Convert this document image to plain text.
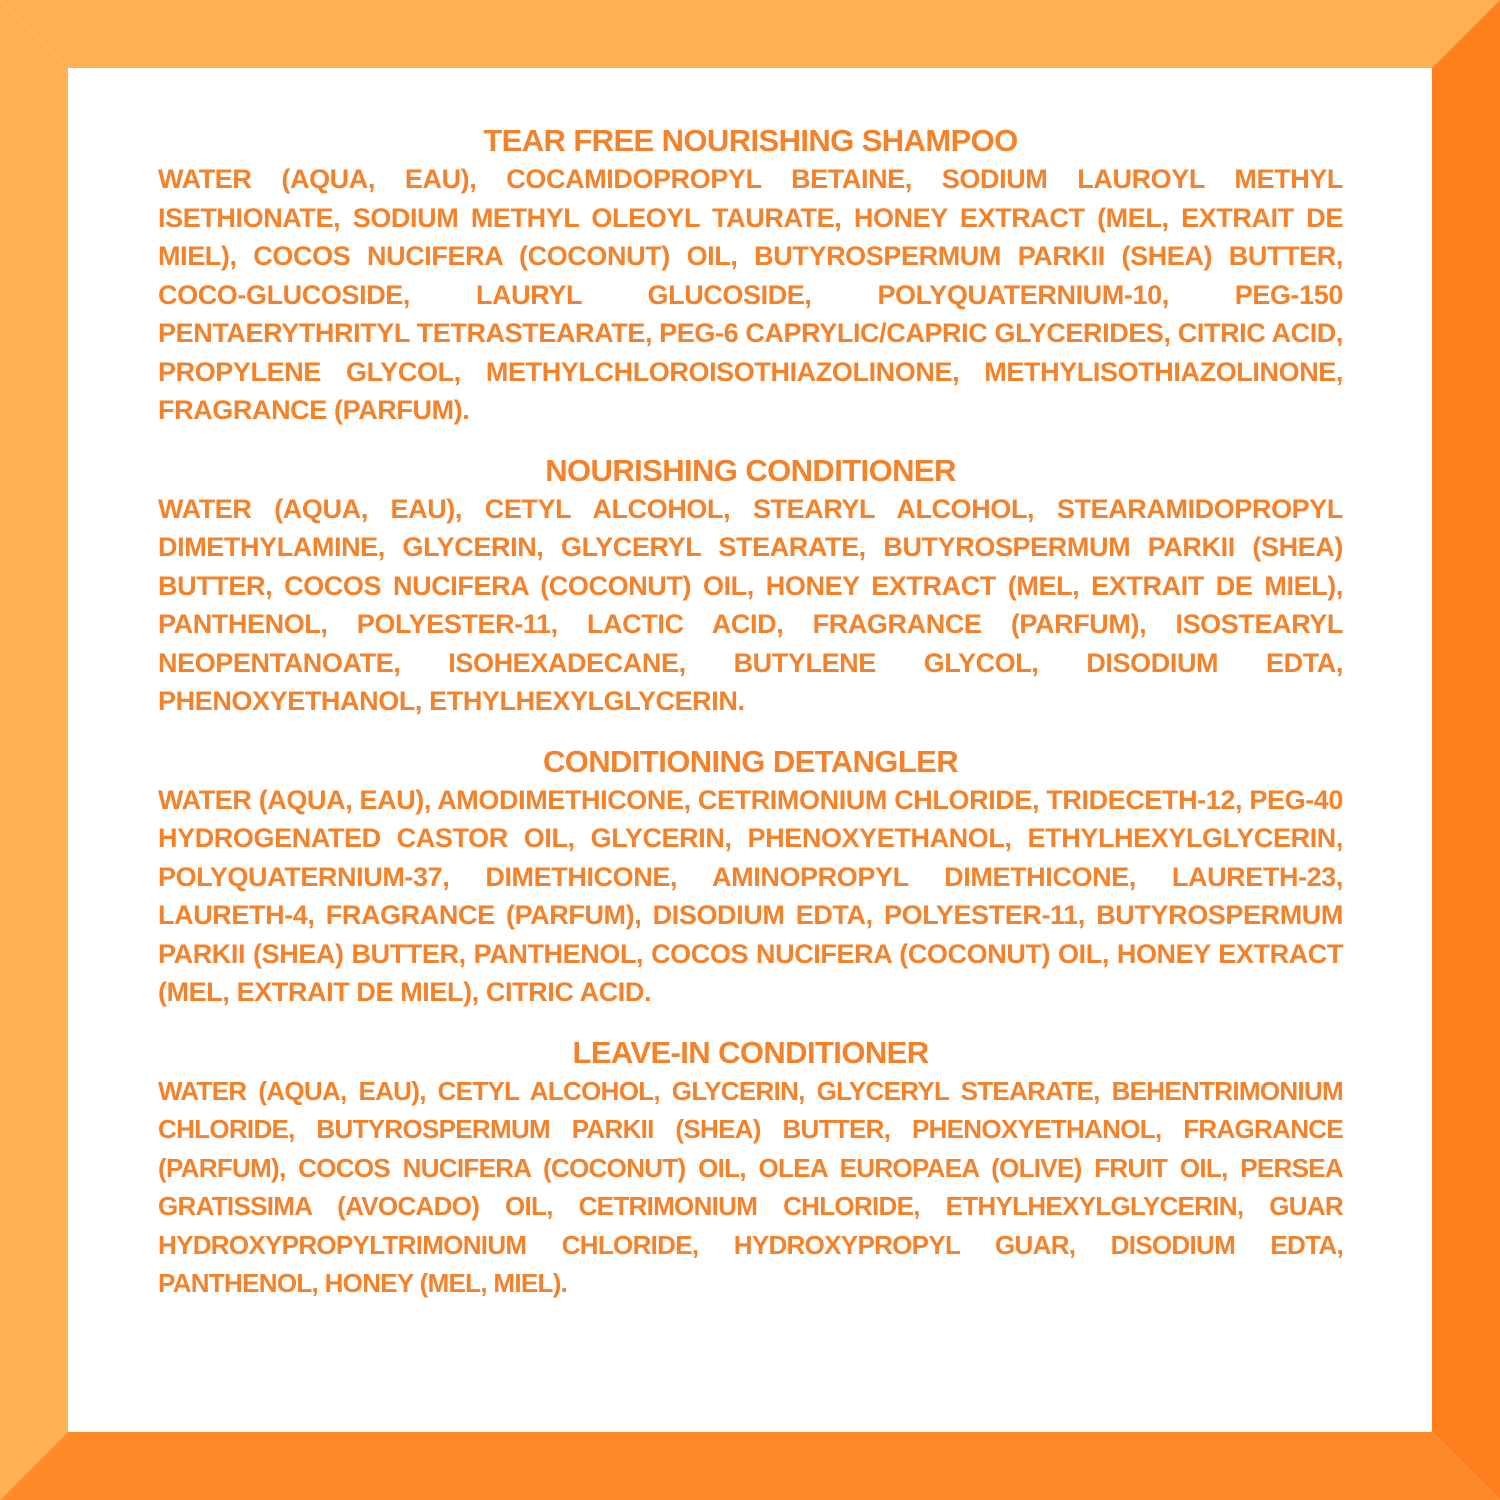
TEAR FREE NOURISHING SHAMPOO

WATER (AQUA, EAU), COCAMIDOPROPYL BETAINE, SODIUM LAUROYL METHYL ISETHIONATE, SODIUM METHYL OLEOYL TAURATE, HONEY EXTRACT (MEL, EXTRAIT DE MIEL), COCOS NUCIFERA (COCONUT) OIL, BUTYROSPERMUM PARKII (SHEA) BUTTER, COCO-GLUCOSIDE, LAURYL GLUCOSIDE, POLYQUATERNIUM-10, PEG-150 PENTAERYTHRITYL TETRASTEARATE, PEG-6 CAPRYLIC/CAPRIC GLYCERIDES, CITRIC ACID, PROPYLENE GLYCOL, METHYLCHLOROISOTHIAZOLINONE, METHYLISOTHIAZOLINONE, FRAGRANCE (PARFUM).

NOURISHING CONDITIONER

WATER (AQUA, EAU), CETYL ALCOHOL, STEARYL ALCOHOL, STEARAMIDOPROPYL DIMETHYLAMINE, GLYCERIN, GLYCERYL STEARATE, BUTYROSPERMUM PARKII (SHEA) BUTTER, COCOS NUCIFERA (COCONUT) OIL, HONEY EXTRACT (MEL, EXTRAIT DE MIEL), PANTHENOL, POLYESTER-11, LACTIC ACID, FRAGRANCE (PARFUM), ISOSTEARYL NEOPENTANOATE, ISOHEXADECANE, BUTYLENE GLYCOL, DISODIUM EDTA, PHENOXYETHANOL, ETHYLHEXYLGLYCERIN.

CONDITIONING DETANGLER

WATER (AQUA, EAU), AMODIMETHICONE, CETRIMONIUM CHLORIDE, TRIDECETH-12, PEG-40 HYDROGENATED CASTOR OIL, GLYCERIN, PHENOXYETHANOL, ETHYLHEXYLGLYCERIN, POLYQUATERNIUM-37, DIMETHICONE, AMINOPROPYL DIMETHICONE, LAURETH-23, LAURETH-4, FRAGRANCE (PARFUM), DISODIUM EDTA, POLYESTER-11, BUTYROSPERMUM PARKII (SHEA) BUTTER, PANTHENOL, COCOS NUCIFERA (COCONUT) OIL, HONEY EXTRACT (MEL, EXTRAIT DE MIEL), CITRIC ACID.

LEAVE-IN CONDITIONER

WATER (AQUA, EAU), CETYL ALCOHOL, GLYCERIN, GLYCERYL STEARATE, BEHENTRIMONIUM CHLORIDE, BUTYROSPERMUM PARKII (SHEA) BUTTER, PHENOXYETHANOL, FRAGRANCE (PARFUM), COCOS NUCIFERA (COCONUT) OIL, OLEA EUROPAEA (OLIVE) FRUIT OIL, PERSEA GRATISSIMA (AVOCADO) OIL, CETRIMONIUM CHLORIDE, ETHYLHEXYLGLYCERIN, GUAR HYDROXYPROPYLTRIMONIUM CHLORIDE, HYDROXYPROPYL GUAR, DISODIUM EDTA, PANTHENOL, HONEY (MEL, MIEL).
